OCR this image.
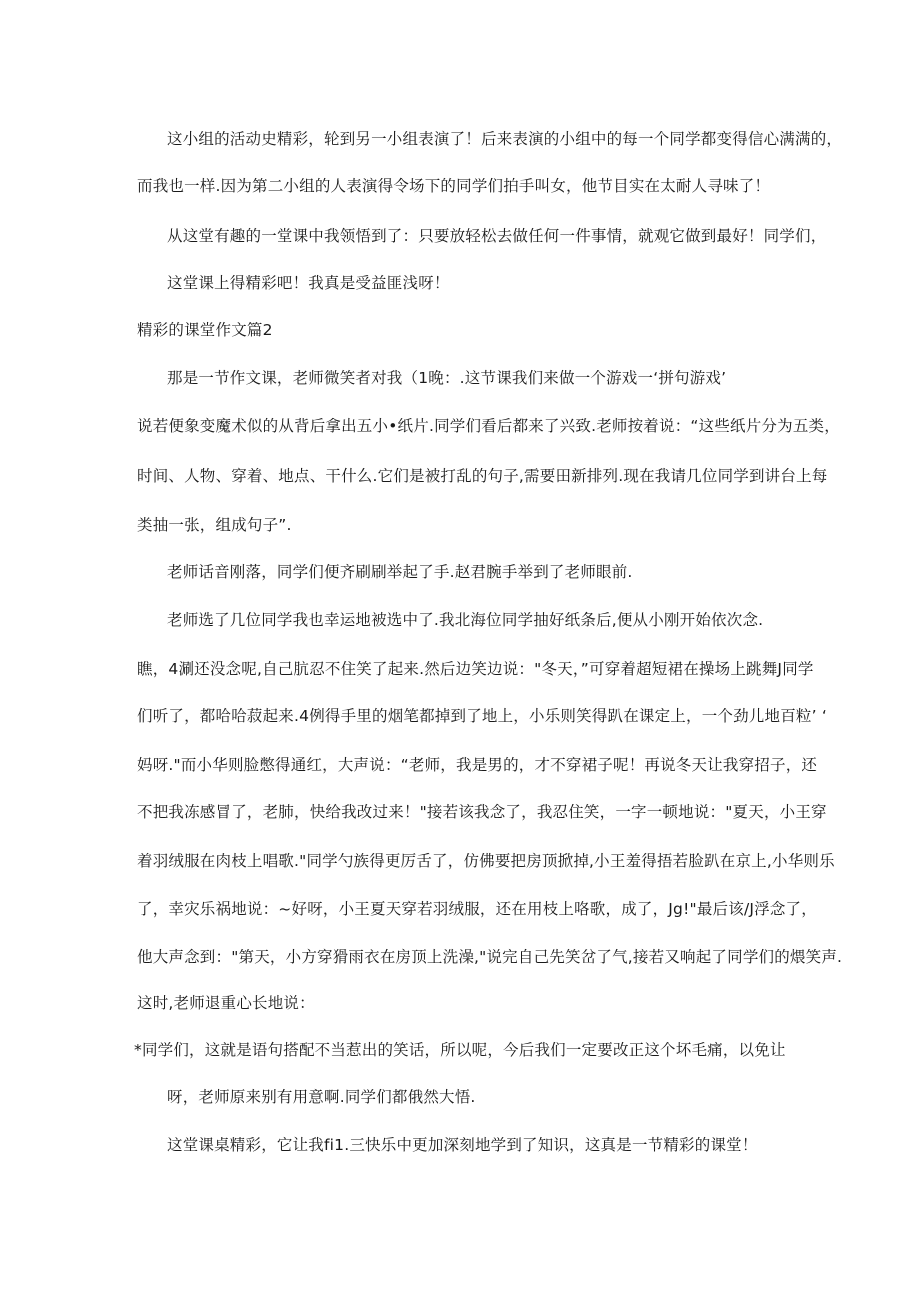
这小组的活动史精彩，轮到另一小组表演了！后来表演的小组中的每一个同学都变得信心满满的，
而我也一样.因为第二小组的人表演得令场下的同学们拍手叫女，他节目实在太耐人寻味了！
从这堂有趣的一堂课中我领悟到了：只要放轻松去做任何一件事情，就观它做到最好！同学们，
这堂课上得精彩吧！我真是受益匪浅呀！
精彩的课堂作文篇2
那是一节作文课，老师微笑者对我（1晚：.这节课我们来做一个游戏一‘拼句游戏’
说若便象变魔术似的从背后拿出五小•纸片.同学们看后都来了兴致.老师按着说：“这些纸片分为五类，
时间、人物、穿着、地点、干什么.它们是被打乱的句子,需要田新排列.现在我请几位同学到讲台上每
类抽一张，组成句子”.
老师话音刚落，同学们便齐刷刷举起了手.赵君腕手举到了老师眼前.
老师选了几位同学我也幸运地被选中了.我北海位同学抽好纸条后,便从小刚开始依次念.
瞧，4涮还没念呢,自己肮忍不住笑了起来.然后边笑边说："冬天，”可穿着超短裙在操场上跳舞J同学
们听了，都哈哈菽起来.4例得手里的烟笔都掉到了地上，小乐则笑得趴在课定上，一个劲儿地百粒’ ‘
妈呀."而小华则脸憋得通红，大声说：“老师，我是男的，才不穿裙子呢！再说冬天让我穿招子，还
不把我冻感冒了，老肺，快给我改过来！"接若该我念了，我忍住笑，一字一顿地说："夏天，小王穿
着羽绒服在肉枝上唱歌."同学勺族得更厉舌了，仿佛要把房顶掀掉,小王羞得捂若脸趴在京上,小华则乐
了，幸灾乐祸地说：~好呀，小王夏天穿若羽绒服，还在用枝上咯歌，成了，Jg!"最后该/J浮念了，
他大声念到："第天，小方穿猾雨衣在房顶上洗澡,"说完自己先笑岔了气,接若又响起了同学们的煨笑声.
这时,老师退重心长地说：
*同学们，这就是语句搭配不当惹出的笑话，所以呢，今后我们一定要改正这个坏毛痛，以免让
呀，老师原来别有用意啊.同学们都俄然大悟.
这堂课桌精彩，它让我fi1.三快乐中更加深刻地学到了知识，这真是一节精彩的课堂！
